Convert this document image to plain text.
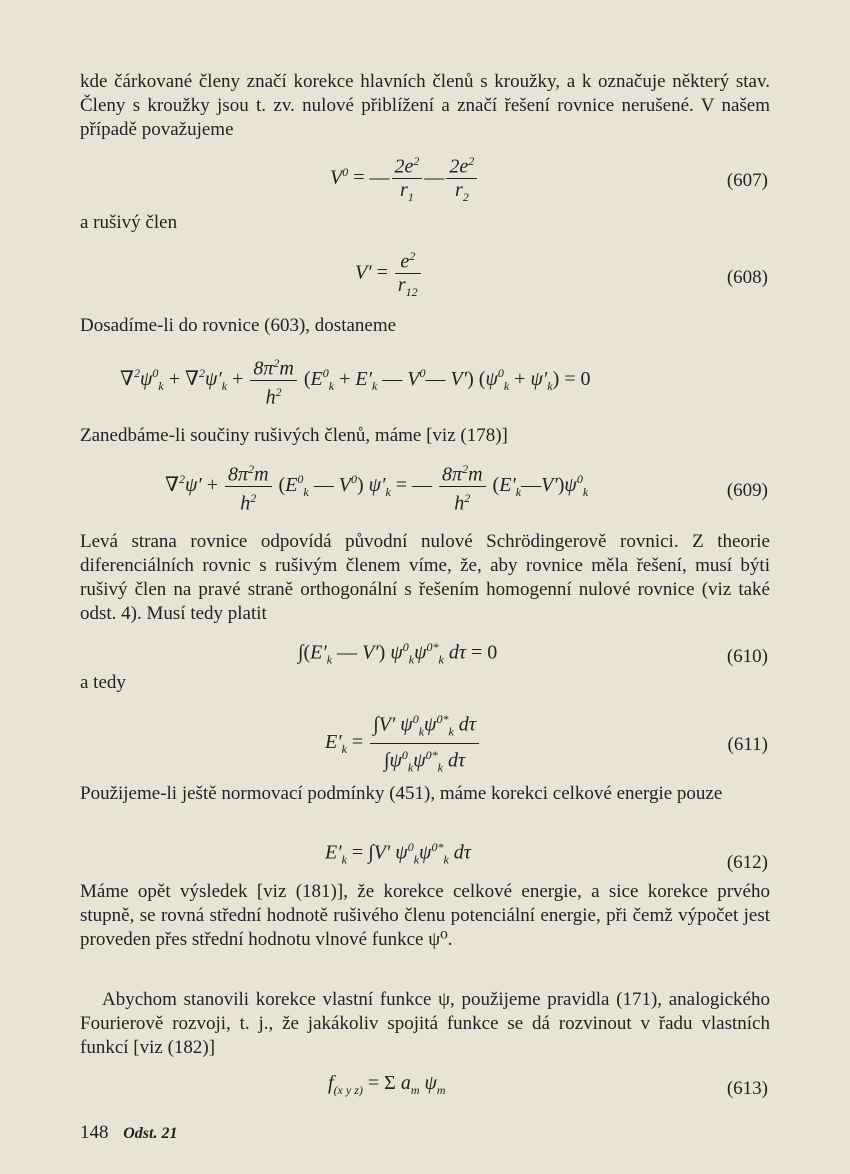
kde čárkované členy značí korekce hlavních členů s kroužky, a k označuje některý stav. Členy s kroužky jsou t. zv. nulové přiblížení a značí řešení rovnice nerušené. V našem případě považujeme
$V^0$ = — $\frac{2e^2}{r_1}$ — $\frac{2e^2}{r_2}$	(607)
a rušivý člen
$V' = \frac{e^2}{r_{12}}$	(608)
Dosadíme-li do rovnice (603), dostaneme
$\nabla^2\psi^0_k + \nabla^2\psi'_k + \frac{8\pi^2m}{h^2} (E^0_k + E'_k$ — $V^0—$ V′) $(\psi^0_k + \psi'_k) = 0$
Zanedbáme-li součiny rušivých členů, máme [viz (178)]
$\nabla^2\psi' + \frac{8\pi^2m}{h^2} (E^0_k$ — $V^0$) $\psi'_k$ = — $\frac{8\pi^2m}{h^2}$ $(E'_k—V')\psi^0_k$	(609)
Levá strana rovnice odpovídá původní nulové Schrödingerově rovnici. Z theorie diferenciálních rovnic s rušivým členem víme, že, aby rovnice měla řešení, musí býti rušivý člen na pravé straně orthogonální s řešením homogenní nulové rovnice (viz také odst. 4). Musí tedy platit
$\int(E'_k$ — V′) $\psi^0_k\psi^{0*}_k$ dτ = 0	(610)
a tedy
$E'_k = \frac{\int V' \psi^0_k\psi^{0*}_k d\tau}{\int\psi^0_k\psi^{0*}_k d\tau}$	(611)
Použijeme-li ještě normovací podmínky (451), máme korekci celkové energie pouze
$E'_k = \int V'$ $\psi^0_k\psi^{0*}_k$ dτ	(612)
Máme opět výsledek [viz (181)], že korekce celkové energie, a sice korekce prvého stupně, se rovná střední hodnotě rušivého členu potenciální energie, při čemž výpočet jest proveden přes střední hodnotu vlnové funkce ψ⁰.
Abychom stanovili korekce vlastní funkce ψ, použijeme pravidla (171), analogického Fourierově rozvoji, t. j., že jakákoliv spojitá funkce se dá rozvinout v řadu vlastních funkcí [viz (182)]
$f_{(x y z)} = \Sigma$ $a_m$ $\psi_m$	(613)
148 Odst. 21
